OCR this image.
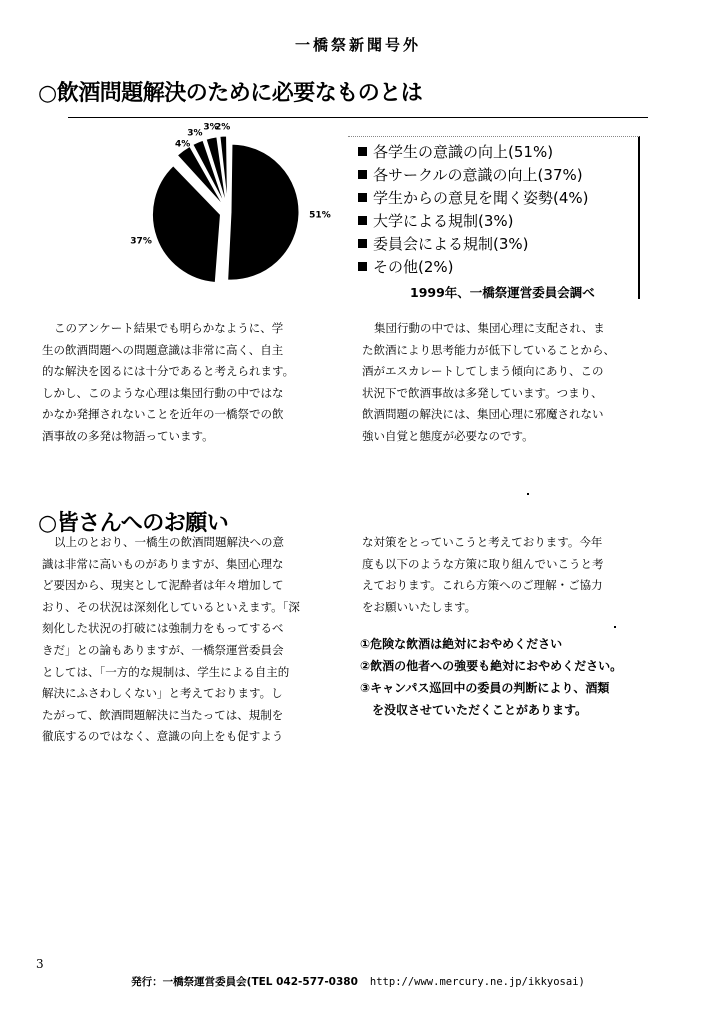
一橋祭新聞号外
○飲酒問題解決のために必要なものとは
51%
37%
4%
3%
3%
2%
各学生の意識の向上(51%)
各サークルの意識の向上(37%)
学生からの意見を聞く姿勢(4%)
大学による規制(3%)
委員会による規制(3%)
その他(2%)
1999年、一橋祭運営委員会調べ

このアンケート結果でも明らかなように、学

生の飲酒問題への問題意識は非常に高く、自主

的な解決を図るには十分であると考えられます。

しかし、このような心理は集団行動の中ではな

かなか発揮されないことを近年の一橋祭での飲

酒事故の多発は物語っています。

集団行動の中では、集団心理に支配され、ま

た飲酒により思考能力が低下していることから、

酒がエスカレートしてしまう傾向にあり、この

状況下で飲酒事故は多発しています。つまり、

飲酒問題の解決には、集団心理に邪魔されない

強い自覚と態度が必要なのです。

○皆さんへのお願い

以上のとおり、一橋生の飲酒問題解決への意

識は非常に高いものがありますが、集団心理な

ど要因から、現実として泥酔者は年々増加して

おり、その状況は深刻化しているといえます。「深

刻化した状況の打破には強制力をもってするべ

きだ」との論もありますが、一橋祭運営委員会

としては、「一方的な規制は、学生による自主的

解決にふさわしくない」と考えております。し

たがって、飲酒問題解決に当たっては、規制を

徹底するのではなく、意識の向上をも促すよう

な対策をとっていこうと考えております。今年

度も以下のような方策に取り組んでいこうと考

えております。これら方策へのご理解・ご協力

をお願いいたします。

①危険な飲酒は絶対におやめください

②飲酒の他者への強要も絶対におやめください。

③キャンパス巡回中の委員の判断により、酒類

　を没収させていただくことがあります。

3
発行：一橋祭運営委員会(TEL 042-577-0380 http://www.mercury.ne.jp/ikkyosai)
